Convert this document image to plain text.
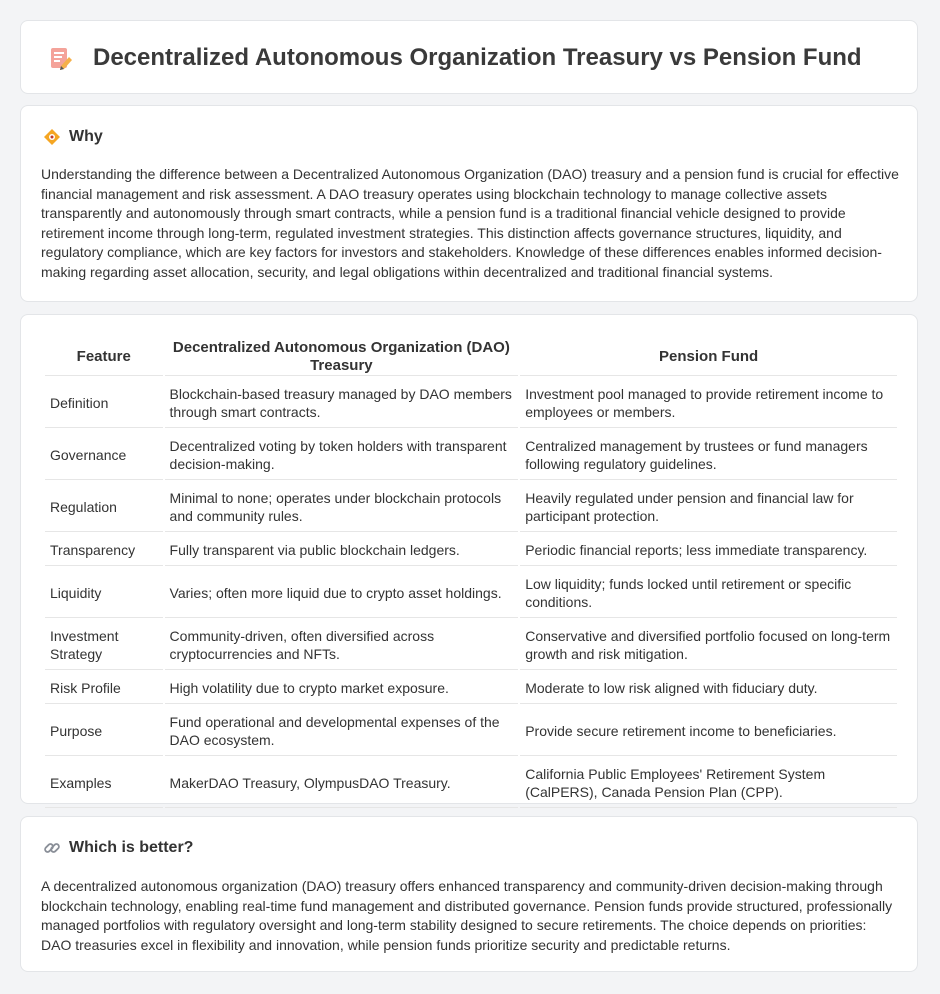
Decentralized Autonomous Organization Treasury vs Pension Fund
Why

Understanding the difference between a Decentralized Autonomous Organization (DAO) treasury and a pension fund is crucial for effective financial management and risk assessment. A DAO treasury operates using blockchain technology to manage collective assets transparently and autonomously through smart contracts, while a pension fund is a traditional financial vehicle designed to provide retirement income through long-term, regulated investment strategies. This distinction affects governance structures, liquidity, and regulatory compliance, which are key factors for investors and stakeholders. Knowledge of these differences enables informed decision-making regarding asset allocation, security, and legal obligations within decentralized and traditional financial systems.

Feature	Decentralized Autonomous Organization (DAO) Treasury	Pension Fund
Definition	Blockchain-based treasury managed by DAO members through smart contracts.	Investment pool managed to provide retirement income to employees or members.
Governance	Decentralized voting by token holders with transparent decision-making.	Centralized management by trustees or fund managers following regulatory guidelines.
Regulation	Minimal to none; operates under blockchain protocols and community rules.	Heavily regulated under pension and financial law for participant protection.
Transparency	Fully transparent via public blockchain ledgers.	Periodic financial reports; less immediate transparency.
Liquidity	Varies; often more liquid due to crypto asset holdings.	Low liquidity; funds locked until retirement or specific conditions.
Investment Strategy	Community-driven, often diversified across cryptocurrencies and NFTs.	Conservative and diversified portfolio focused on long-term growth and risk mitigation.
Risk Profile	High volatility due to crypto market exposure.	Moderate to low risk aligned with fiduciary duty.
Purpose	Fund operational and developmental expenses of the DAO ecosystem.	Provide secure retirement income to beneficiaries.
Examples	MakerDAO Treasury, OlympusDAO Treasury.	California Public Employees' Retirement System (CalPERS), Canada Pension Plan (CPP).
Which is better?

A decentralized autonomous organization (DAO) treasury offers enhanced transparency and community-driven decision-making through blockchain technology, enabling real-time fund management and distributed governance. Pension funds provide structured, professionally managed portfolios with regulatory oversight and long-term stability designed to secure retirements. The choice depends on priorities: DAO treasuries excel in flexibility and innovation, while pension funds prioritize security and predictable returns.
